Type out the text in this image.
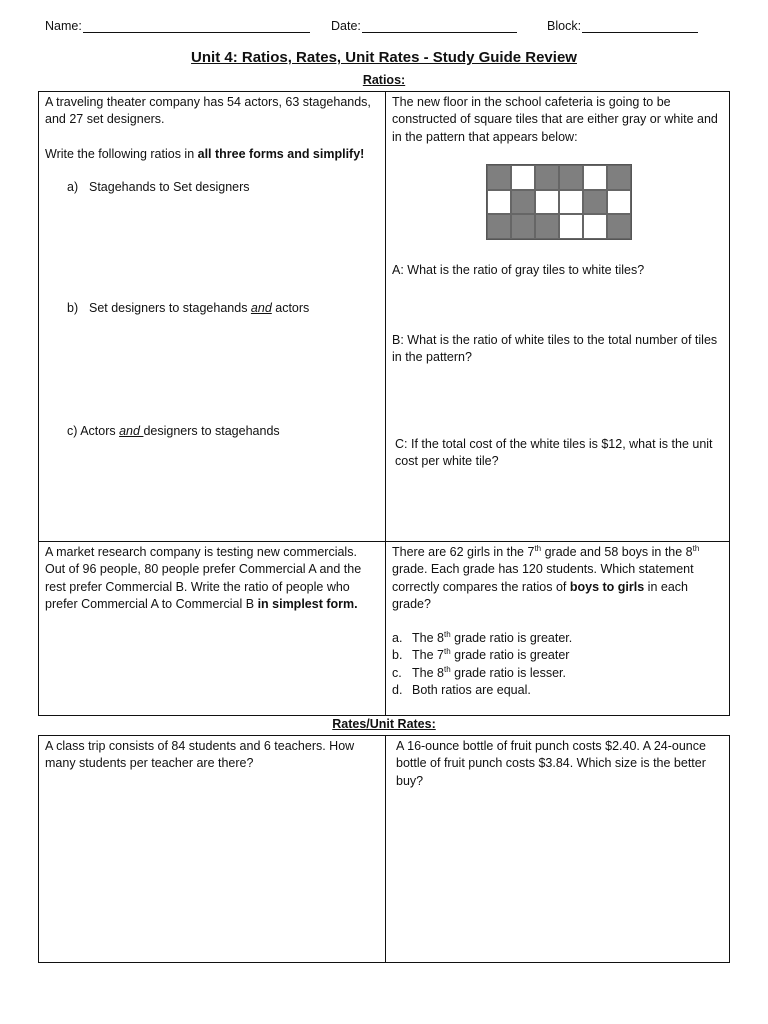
Name:	Date:	Block:
Unit 4: Ratios, Rates, Unit Rates - Study Guide Review
Ratios:

A traveling theater company has 54 actors, 63 stagehands, and 27 set designers.

Write the following ratios in all three forms and simplify!

a) Stagehands to Set designers
b) Set designers to stagehands and actors
c) Actors and designers to stagehands

The new floor in the school cafeteria is going to be constructed of square tiles that are either gray or white and in the pattern that appears below:

A: What is the ratio of gray tiles to white tiles?

B: What is the ratio of white tiles to the total number of tiles in the pattern?

C: If the total cost of the white tiles is $12, what is the unit cost per white tile?

A market research company is testing new commercials. Out of 96 people, 80 people prefer Commercial A and the rest prefer Commercial B. Write the ratio of people who prefer Commercial A to Commercial B in simplest form.

There are 62 girls in the 7th grade and 58 boys in the 8th grade. Each grade has 120 students. Which statement correctly compares the ratios of boys to girls in each grade?

a. The 8th grade ratio is greater.
b. The 7th grade ratio is greater
c. The 8th grade ratio is lesser.
d. Both ratios are equal.
Rates/Unit Rates:

A class trip consists of 84 students and 6 teachers. How many students per teacher are there?

A 16-ounce bottle of fruit punch costs $2.40. A 24-ounce bottle of fruit punch costs $3.84. Which size is the better buy?
